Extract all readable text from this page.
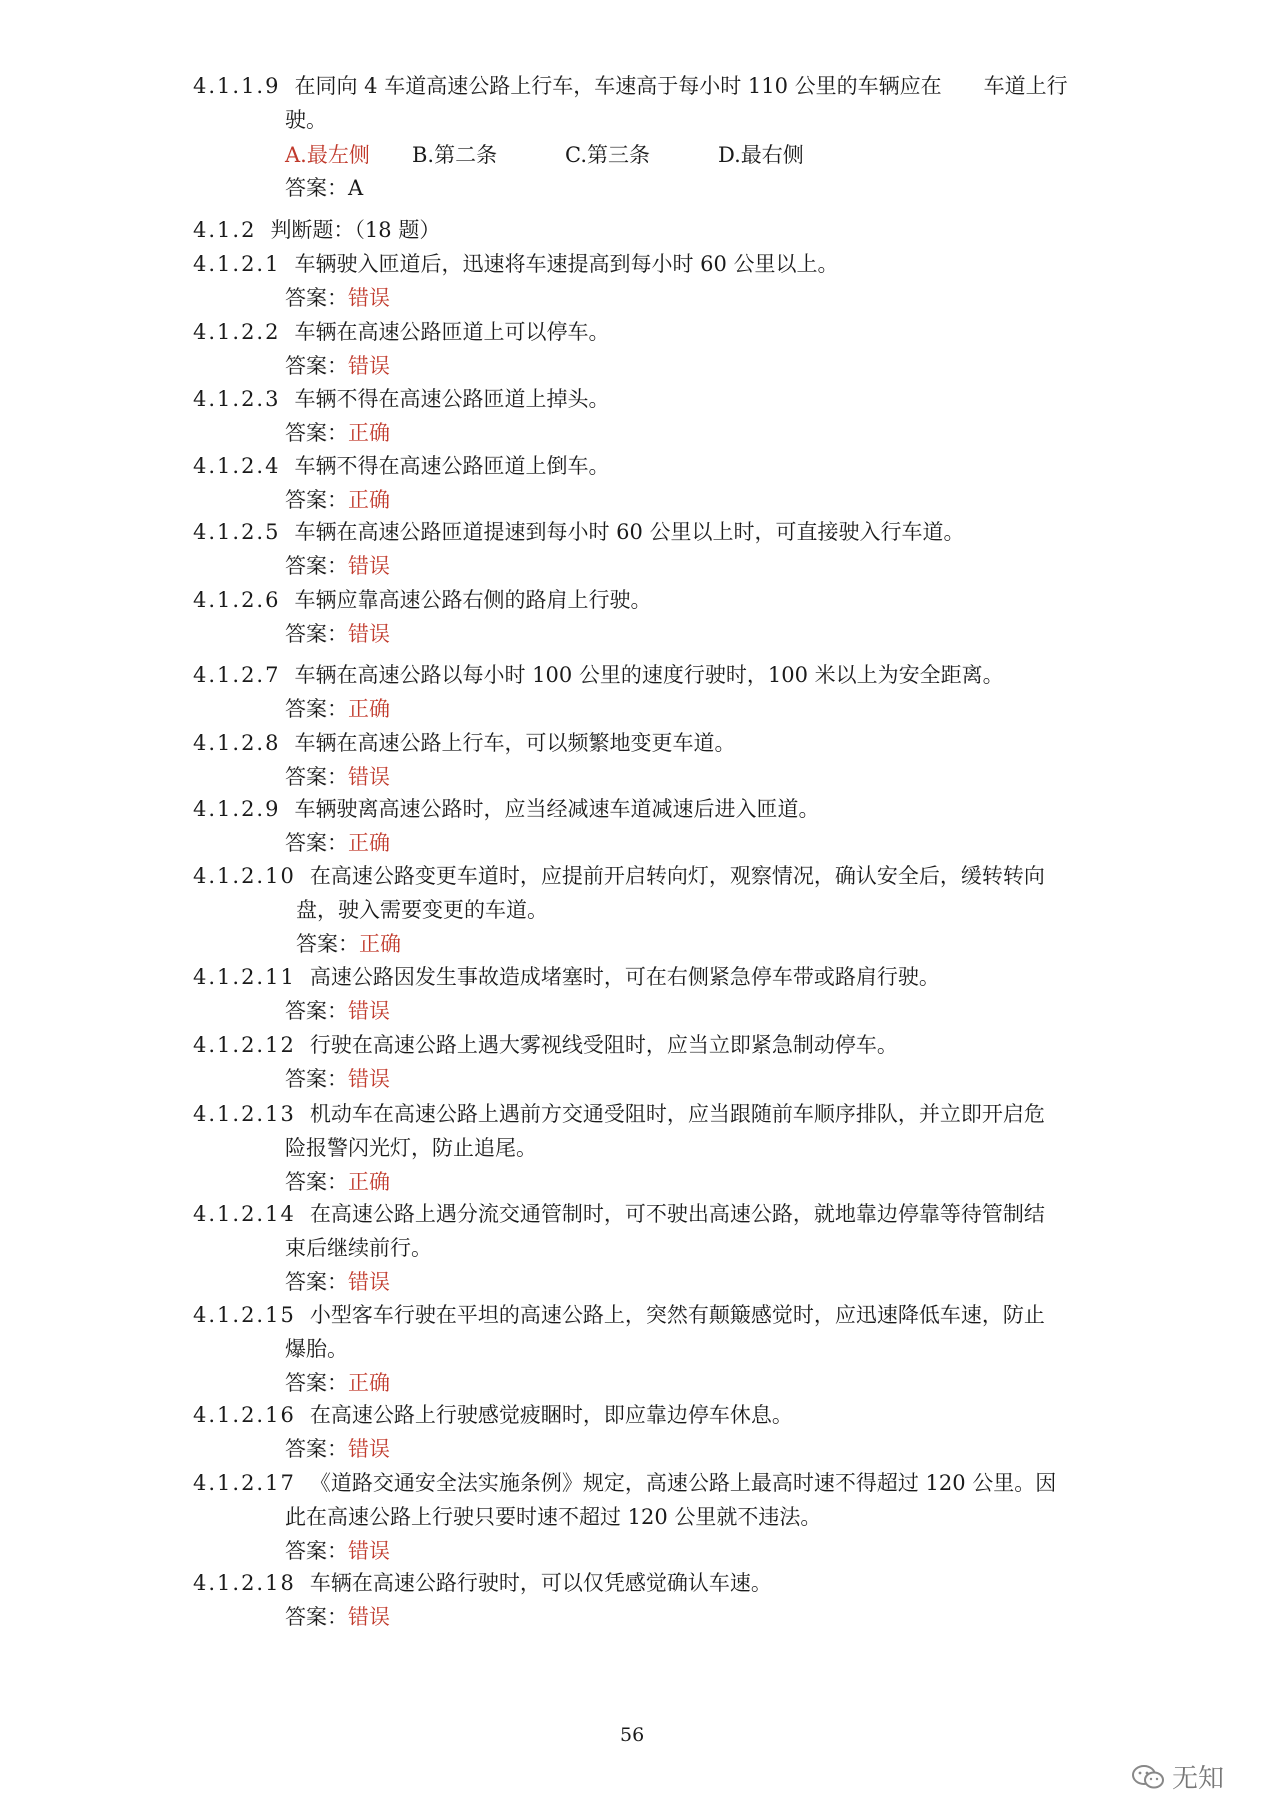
4.1.1.9 在同向 4 车道高速公路上行车，车速高于每小时 110 公里的车辆应在　　车道上行
驶。
A.最左侧 B.第二条	C.第三条	D.最右侧
答案：A
4.1.2 判断题：（18 题）
4.1.2.1 车辆驶入匝道后，迅速将车速提高到每小时 60 公里以上。
答案：错误
4.1.2.2 车辆在高速公路匝道上可以停车。
答案：错误
4.1.2.3 车辆不得在高速公路匝道上掉头。
答案：正确
4.1.2.4 车辆不得在高速公路匝道上倒车。
答案：正确
4.1.2.5 车辆在高速公路匝道提速到每小时 60 公里以上时，可直接驶入行车道。
答案：错误
4.1.2.6 车辆应靠高速公路右侧的路肩上行驶。
答案：错误
4.1.2.7 车辆在高速公路以每小时 100 公里的速度行驶时，100 米以上为安全距离。
答案：正确
4.1.2.8 车辆在高速公路上行车，可以频繁地变更车道。
答案：错误
4.1.2.9 车辆驶离高速公路时，应当经减速车道减速后进入匝道。
答案：正确
4.1.2.10 在高速公路变更车道时，应提前开启转向灯，观察情况，确认安全后，缓转转向
盘，驶入需要变更的车道。
答案：正确
4.1.2.11 高速公路因发生事故造成堵塞时，可在右侧紧急停车带或路肩行驶。
答案：错误
4.1.2.12 行驶在高速公路上遇大雾视线受阻时，应当立即紧急制动停车。
答案：错误
4.1.2.13 机动车在高速公路上遇前方交通受阻时，应当跟随前车顺序排队，并立即开启危
险报警闪光灯，防止追尾。
答案：正确
4.1.2.14 在高速公路上遇分流交通管制时，可不驶出高速公路，就地靠边停靠等待管制结
束后继续前行。
答案：错误
4.1.2.15 小型客车行驶在平坦的高速公路上，突然有颠簸感觉时，应迅速降低车速，防止
爆胎。
答案：正确
4.1.2.16 在高速公路上行驶感觉疲睏时，即应靠边停车休息。
答案：错误
4.1.2.17 《道路交通安全法实施条例》规定，高速公路上最高时速不得超过 120 公里。因
此在高速公路上行驶只要时速不超过 120 公里就不违法。
答案：错误
4.1.2.18 车辆在高速公路行驶时，可以仅凭感觉确认车速。
答案：错误
56
无知
